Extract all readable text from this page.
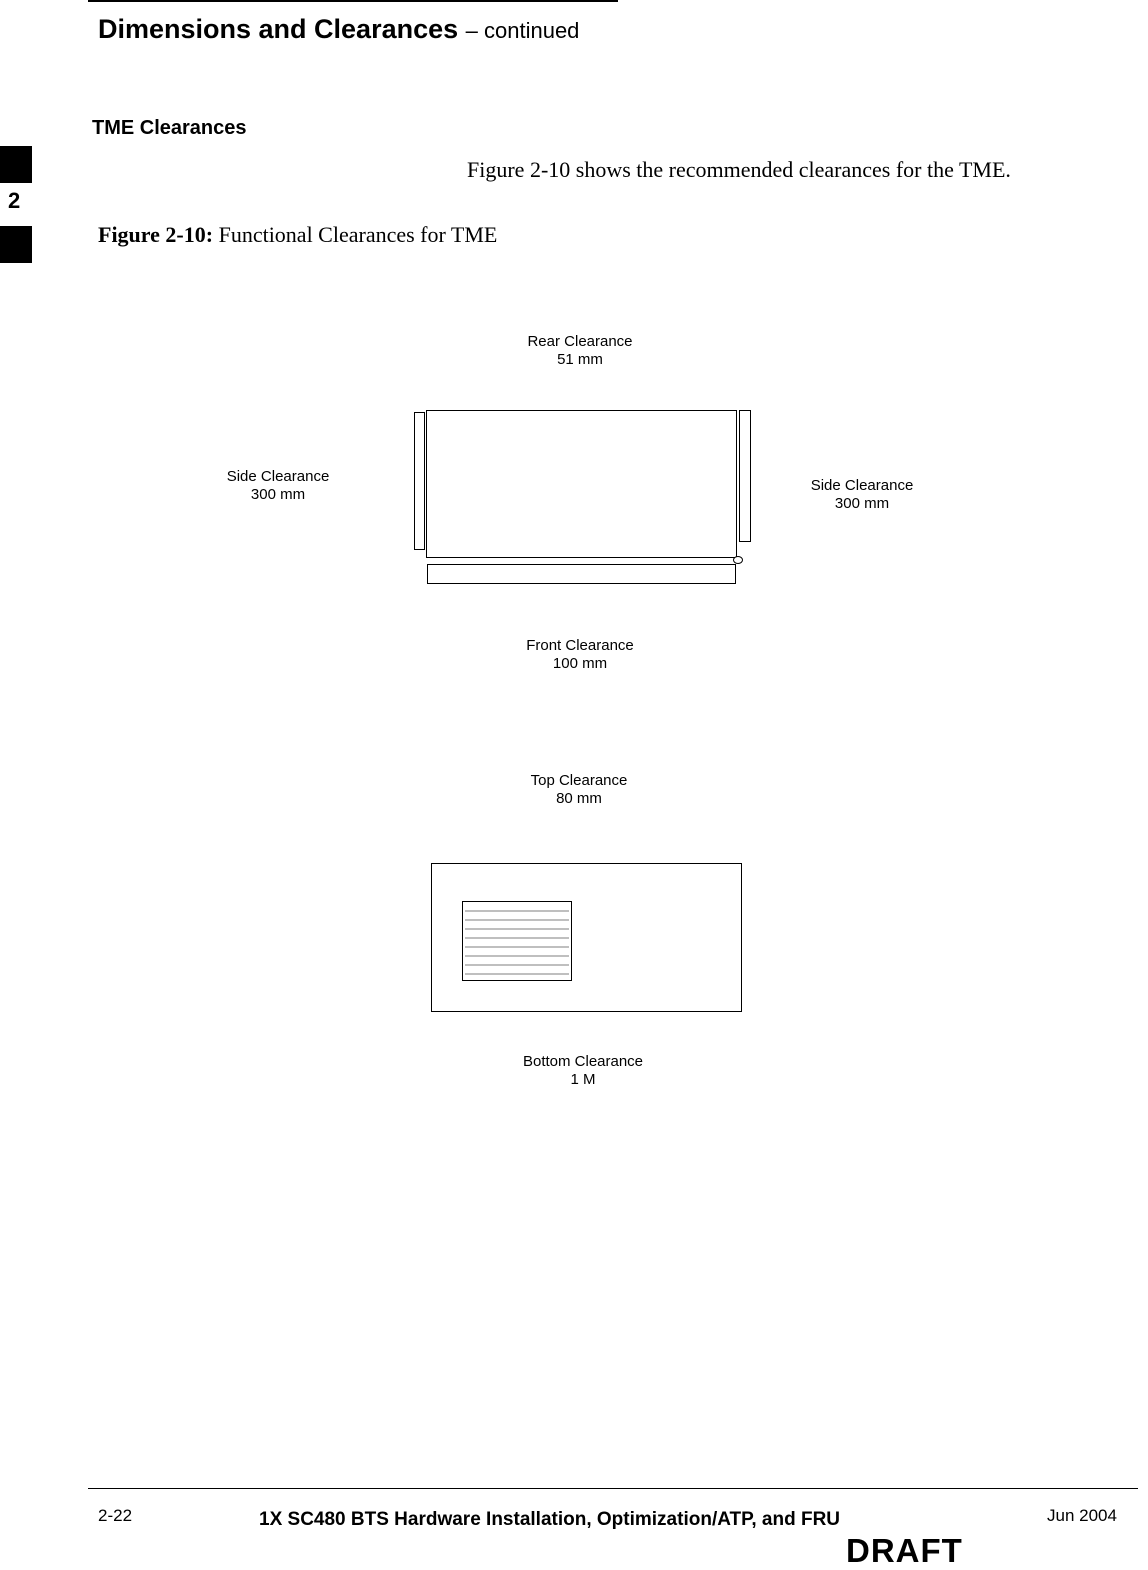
Dimensions and Clearances – continued
2
TME Clearances
Figure 2-10 shows the recommended clearances for the TME.
Figure 2-10: Functional Clearances for TME
Rear Clearance
51 mm
Side Clearance
300 mm
Side Clearance
300 mm
Front Clearance
100 mm
Top Clearance
80 mm
Bottom Clearance
1 M
2-22	1X SC480 BTS Hardware Installation, Optimization/ATP, and FRU	Jun 2004
DRAFT
